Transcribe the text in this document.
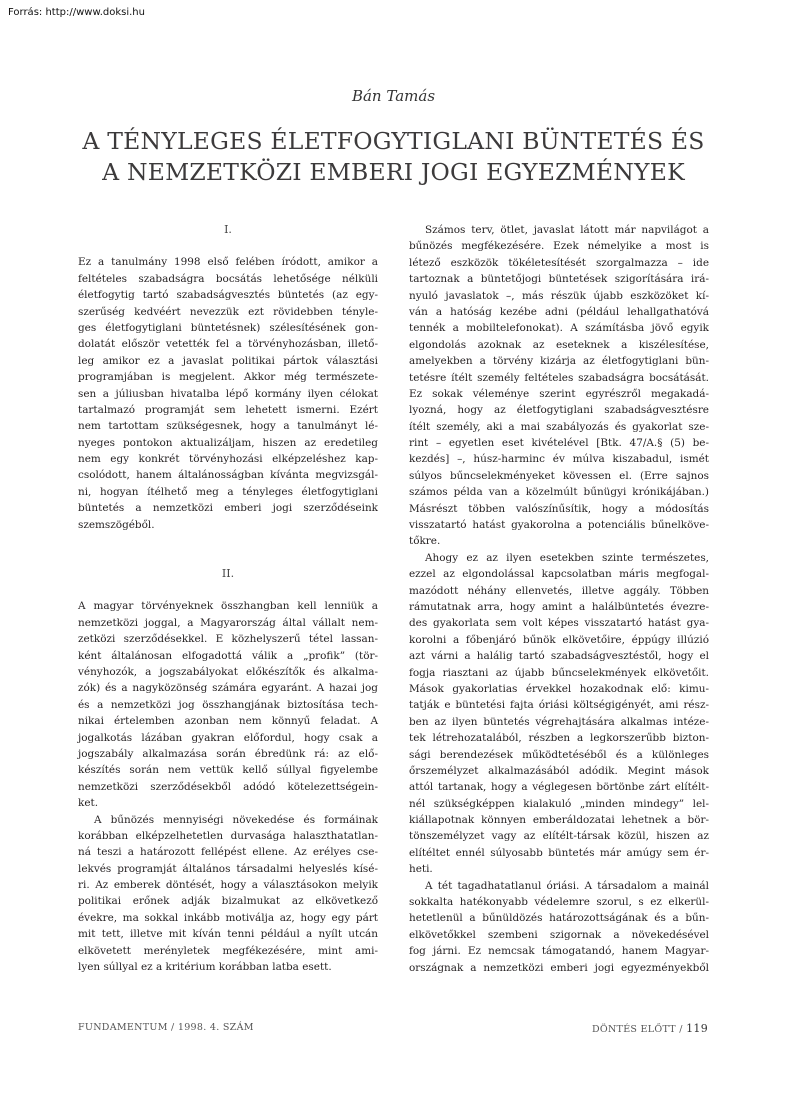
Forrás: http://www.doksi.hu
Bán Tamás
A TÉNYLEGES ÉLETFOGYTIGLANI BÜNTETÉS ÉS
A NEMZETKÖZI EMBERI JOGI EGYEZMÉNYEK
I.
Ez a tanulmány 1998 első felében íródott, amikor a
feltételes szabadságra bocsátás lehetősége nélküli
életfogytig tartó szabadságvesztés büntetés (az egy-
szerűség kedvéért nevezzük ezt rövidebben tényle-
ges életfogytiglani büntetésnek) szélesítésének gon-
dolatát először vetették fel a törvényhozásban, illető-
leg amikor ez a javaslat politikai pártok választási
programjában is megjelent. Akkor még természete-
sen a júliusban hivatalba lépő kormány ilyen célokat
tartalmazó programját sem lehetett ismerni. Ezért
nem tartottam szükségesnek, hogy a tanulmányt lé-
nyeges pontokon aktualizáljam, hiszen az eredetileg
nem egy konkrét törvényhozási elképzeléshez kap-
csolódott, hanem általánosságban kívánta megvizsgál-
ni, hogyan ítélhető meg a tényleges életfogytiglani
büntetés a nemzetközi emberi jogi szerződéseink
szemszögéből.
II.
A magyar törvényeknek összhangban kell lenniük a
nemzetközi joggal, a Magyarország által vállalt nem-
zetközi szerződésekkel. E közhelyszerű tétel lassan-
ként általánosan elfogadottá válik a „profik” (tör-
vényhozók, a jogszabályokat előkészítők és alkalma-
zók) és a nagyközönség számára egyaránt. A hazai jog
és a nemzetközi jog összhangjának biztosítása tech-
nikai értelemben azonban nem könnyű feladat. A
jogalkotás lázában gyakran előfordul, hogy csak a
jogszabály alkalmazása során ébredünk rá: az elő-
készítés során nem vettük kellő súllyal figyelembe
nemzetközi szerződésekből adódó kötelezettségein-
ket.
A bűnözés mennyiségi növekedése és formáinak
korábban elképzelhetetlen durvasága halaszthatatlan-
ná teszi a határozott fellépést ellene. Az erélyes cse-
lekvés programját általános társadalmi helyeslés kísé-
ri. Az emberek döntését, hogy a választásokon melyik
politikai erőnek adják bizalmukat az elkövetkező
évekre, ma sokkal inkább motiválja az, hogy egy párt
mit tett, illetve mit kíván tenni például a nyílt utcán
elkövetett merényletek megfékezésére, mint ami-
lyen súllyal ez a kritérium korábban latba esett.
Számos terv, ötlet, javaslat látott már napvilágot a
bűnözés megfékezésére. Ezek némelyike a most is
létező eszközök tökéletesítését szorgalmazza – ide
tartoznak a büntetőjogi büntetések szigorítására irá-
nyuló javaslatok –, más részük újabb eszközöket kí-
ván a hatóság kezébe adni (például lehallgathatóvá
tennék a mobiltelefonokat). A számításba jövő egyik
elgondolás azoknak az eseteknek a kiszélesítése,
amelyekben a törvény kizárja az életfogytiglani bün-
tetésre ítélt személy feltételes szabadságra bocsátását.
Ez sokak véleménye szerint egyrészről megakadá-
lyozná, hogy az életfogytiglani szabadságvesztésre
ítélt személy, aki a mai szabályozás és gyakorlat sze-
rint – egyetlen eset kivételével [Btk. 47/A.§ (5) be-
kezdés] –, húsz-harminc év múlva kiszabadul, ismét
súlyos bűncselekményeket kövessen el. (Erre sajnos
számos példa van a közelmúlt bűnügyi krónikájában.)
Másrészt többen valószínűsítik, hogy a módosítás
visszatartó hatást gyakorolna a potenciális bűnelköve-
tőkre.
Ahogy ez az ilyen esetekben szinte természetes,
ezzel az elgondolással kapcsolatban máris megfogal-
mazódott néhány ellenvetés, illetve aggály. Többen
rámutatnak arra, hogy amint a halálbüntetés évezre-
des gyakorlata sem volt képes visszatartó hatást gya-
korolni a főbenjáró bűnök elkövetőire, éppúgy illúzió
azt várni a halálig tartó szabadságvesztéstől, hogy el
fogja riasztani az újabb bűncselekmények elkövetőit.
Mások gyakorlatias érvekkel hozakodnak elő: kimu-
tatják e büntetési fajta óriási költségigényét, ami rész-
ben az ilyen büntetés végrehajtására alkalmas intéze-
tek létrehozatalából, részben a legkorszerűbb bizton-
sági berendezések működtetéséből és a különleges
őrszemélyzet alkalmazásából adódik. Megint mások
attól tartanak, hogy a véglegesen börtönbe zárt elítélt-
nél szükségképpen kialakuló „minden mindegy” lel-
kiállapotnak könnyen emberáldozatai lehetnek a bör-
tönszemélyzet vagy az elítélt-társak közül, hiszen az
elítéltet ennél súlyosabb büntetés már amúgy sem ér-
heti.
A tét tagadhatatlanul óriási. A társadalom a mainál
sokkalta hatékonyabb védelemre szorul, s ez elkerül-
hetetlenül a bűnüldözés határozottságának és a bűn-
elkövetőkkel szembeni szigornak a növekedésével
fog járni. Ez nemcsak támogatandó, hanem Magyar-
országnak a nemzetközi emberi jogi egyezményekből
FUNDAMENTUM / 1998. 4. SZÁM	DÖNTÉS ELŐTT / 119
